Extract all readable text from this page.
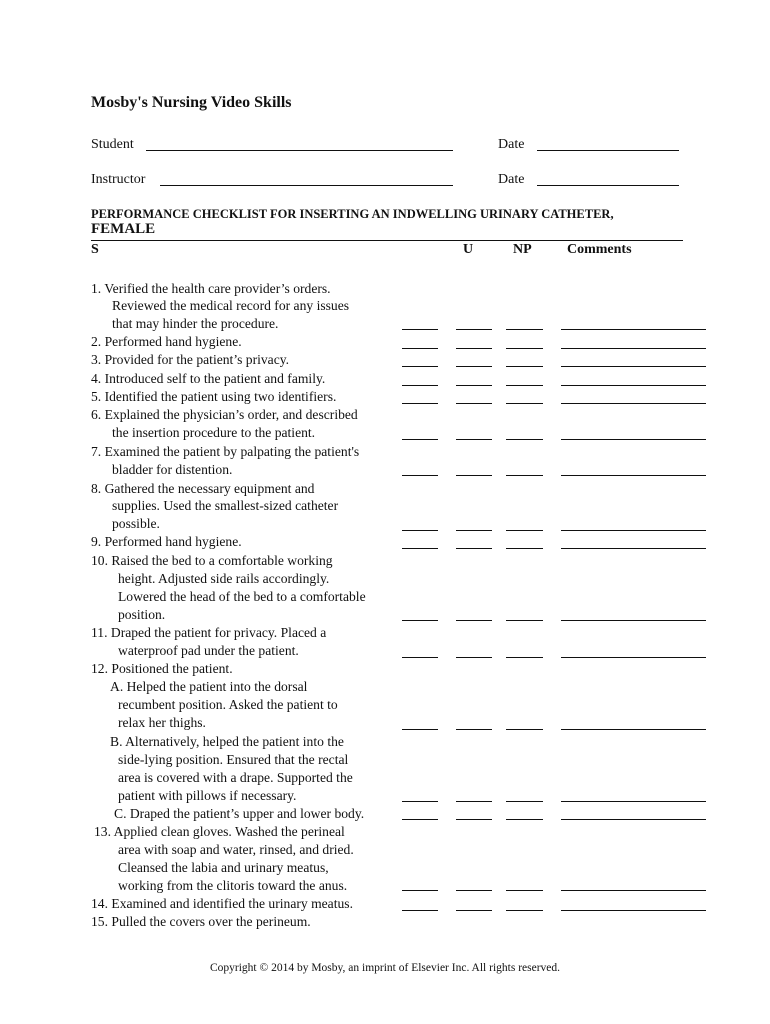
Mosby's Nursing Video Skills
Student	Date
Instructor	Date
PERFORMANCE CHECKLIST FOR INSERTING AN INDWELLING URINARY CATHETER,
FEMALE
S	U	NP	Comments
1. Verified the health care provider’s orders.
Reviewed the medical record for any issues
that may hinder the procedure.
2. Performed hand hygiene.
3. Provided for the patient’s privacy.
4. Introduced self to the patient and family.
5. Identified the patient using two identifiers.
6. Explained the physician’s order, and described
the insertion procedure to the patient.
7. Examined the patient by palpating the patient's
bladder for distention.
8. Gathered the necessary equipment and
supplies. Used the smallest-sized catheter
possible.
9. Performed hand hygiene.
10. Raised the bed to a comfortable working
height. Adjusted side rails accordingly.
Lowered the head of the bed to a comfortable
position.
11. Draped the patient for privacy. Placed a
waterproof pad under the patient.
12. Positioned the patient.
A. Helped the patient into the dorsal
recumbent position. Asked the patient to
relax her thighs.
B. Alternatively, helped the patient into the
side-lying position. Ensured that the rectal
area is covered with a drape. Supported the
patient with pillows if necessary.
C. Draped the patient’s upper and lower body.
13. Applied clean gloves. Washed the perineal
area with soap and water, rinsed, and dried.
Cleansed the labia and urinary meatus,
working from the clitoris toward the anus.
14. Examined and identified the urinary meatus.
15. Pulled the covers over the perineum.
Copyright © 2014 by Mosby, an imprint of Elsevier Inc. All rights reserved.
